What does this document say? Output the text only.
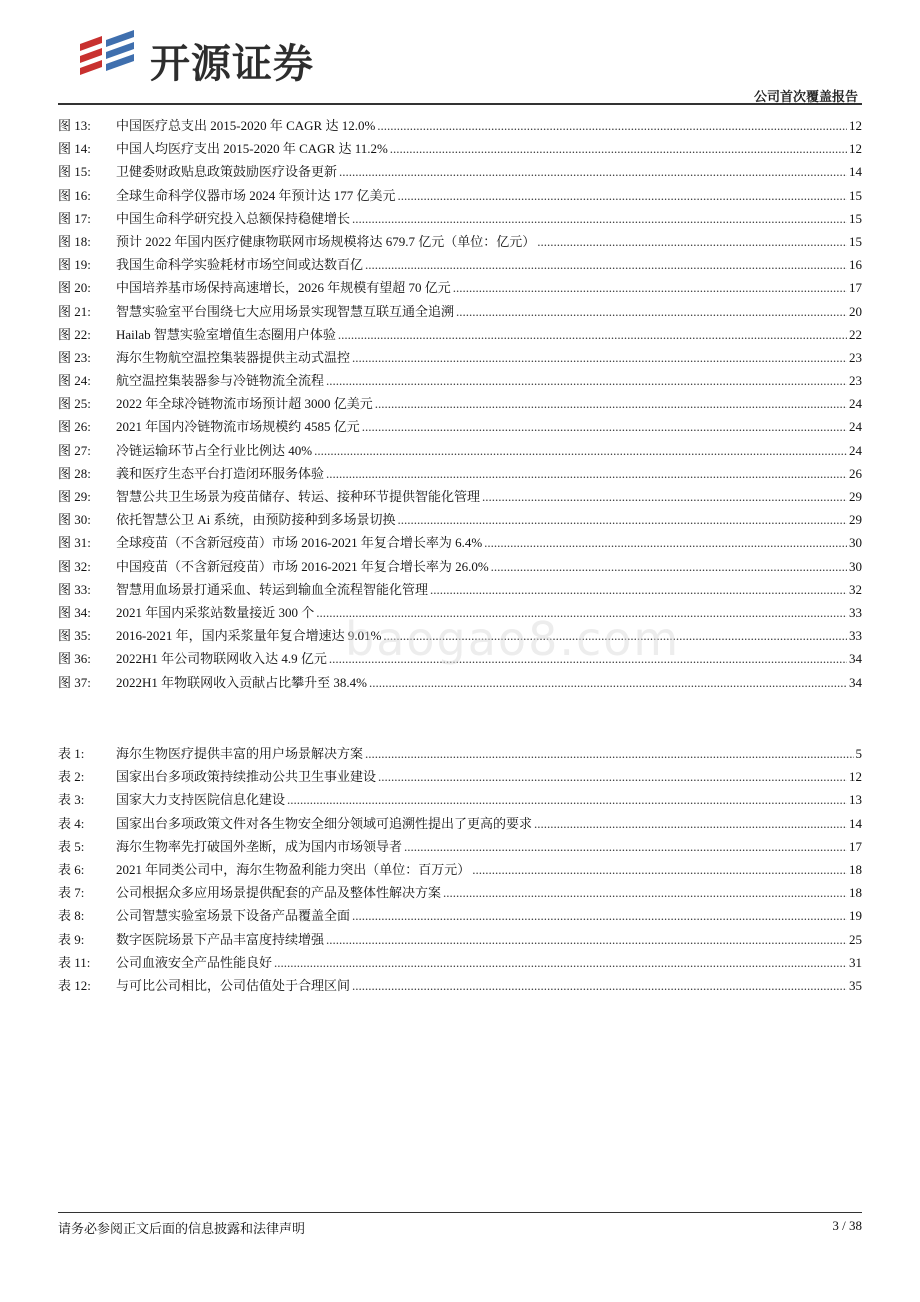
开源证券
公司首次覆盖报告
图 13:	中国医疗总支出 2015-2020 年 CAGR 达 12.0% .....	12
图 14:	中国人均医疗支出 2015-2020 年 CAGR 达 11.2% .....	12
图 15:	卫健委财政贴息政策鼓励医疗设备更新 .....	14
图 16:	全球生命科学仪器市场 2024 年预计达 177 亿美元 .....	15
图 17:	中国生命科学研究投入总额保持稳健增长 .....	15
图 18:	预计 2022 年国内医疗健康物联网市场规模将达 679.7 亿元（单位：亿元） .....	15
图 19:	我国生命科学实验耗材市场空间或达数百亿 .....	16
图 20:	中国培养基市场保持高速增长，2026 年规模有望超 70 亿元 .....	17
图 21:	智慧实验室平台围绕七大应用场景实现智慧互联互通全追溯 .....	20
图 22:	Hailab 智慧实验室增值生态圈用户体验 .....	22
图 23:	海尔生物航空温控集装器提供主动式温控 .....	23
图 24:	航空温控集装器参与冷链物流全流程 .....	23
图 25:	2022 年全球冷链物流市场预计超 3000 亿美元 .....	24
图 26:	2021 年国内冷链物流市场规模约 4585 亿元 .....	24
图 27:	冷链运输环节占全行业比例达 40% .....	24
图 28:	義和医疗生态平台打造闭环服务体验 .....	26
图 29:	智慧公共卫生场景为疫苗储存、转运、接种环节提供智能化管理 .....	29
图 30:	依托智慧公卫 Ai 系统，由预防接种到多场景切换 .....	29
图 31:	全球疫苗（不含新冠疫苗）市场 2016-2021 年复合增长率为 6.4% .....	30
图 32:	中国疫苗（不含新冠疫苗）市场 2016-2021 年复合增长率为 26.0% .....	30
图 33:	智慧用血场景打通采血、转运到输血全流程智能化管理 .....	32
图 34:	2021 年国内采浆站数量接近 300 个 .....	33
图 35:	2016-2021 年，国内采浆量年复合增速达 9.01% .....	33
图 36:	2022H1 年公司物联网收入达 4.9 亿元 .....	34
图 37:	2022H1 年物联网收入贡献占比攀升至 38.4% .....	34
表 1:	海尔生物医疗提供丰富的用户场景解决方案 .....	5
表 2:	国家出台多项政策持续推动公共卫生事业建设 .....	12
表 3:	国家大力支持医院信息化建设 .....	13
表 4:	国家出台多项政策文件对各生物安全细分领域可追溯性提出了更高的要求 .....	14
表 5:	海尔生物率先打破国外垄断，成为国内市场领导者 .....	17
表 6:	2021 年同类公司中，海尔生物盈利能力突出（单位：百万元） .....	18
表 7:	公司根据众多应用场景提供配套的产品及整体性解决方案 .....	18
表 8:	公司智慧实验室场景下设备产品覆盖全面 .....	19
表 9:	数字医院场景下产品丰富度持续增强 .....	25
表 11:	公司血液安全产品性能良好 .....	31
表 12:	与可比公司相比，公司估值处于合理区间 .....	35
baogao8.com
请务必参阅正文后面的信息披露和法律声明	3 / 38
